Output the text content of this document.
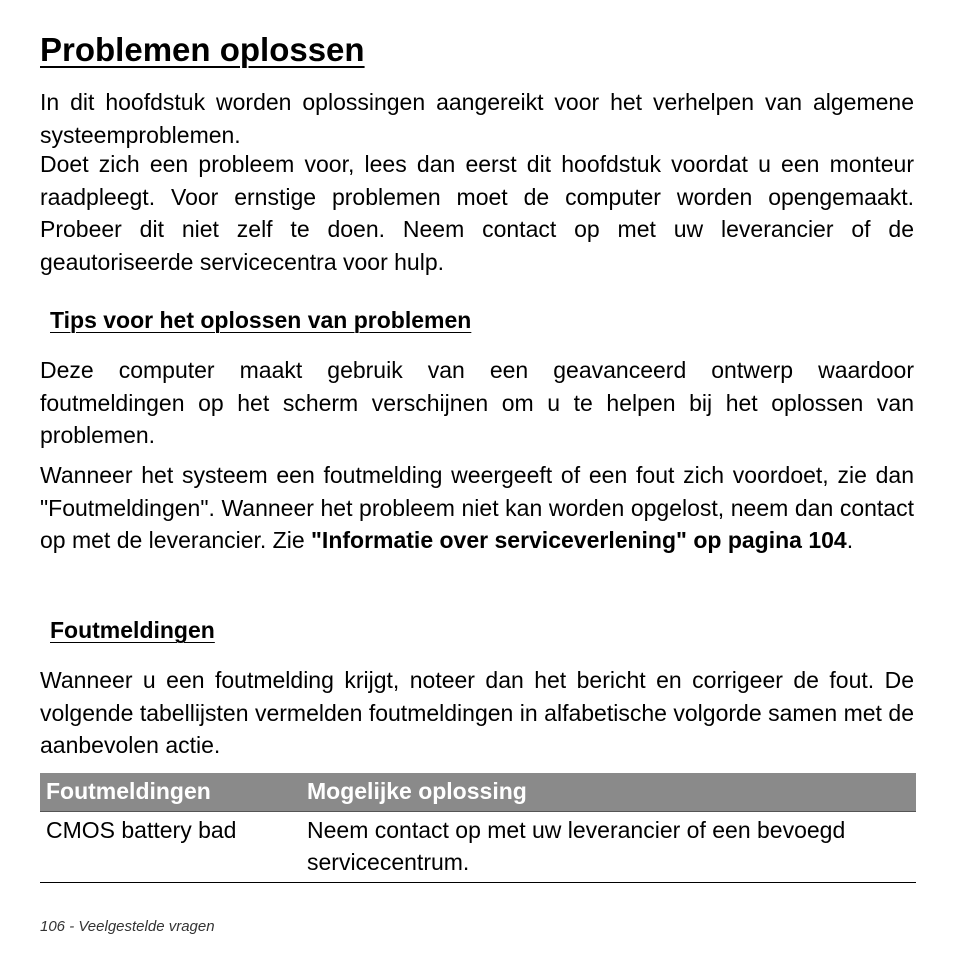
Problemen oplossen

In dit hoofdstuk worden oplossingen aangereikt voor het verhelpen van algemene systeemproblemen.

Doet zich een probleem voor, lees dan eerst dit hoofdstuk voordat u een monteur raadpleegt. Voor ernstige problemen moet de computer worden opengemaakt. Probeer dit niet zelf te doen. Neem contact op met uw leverancier of de geautoriseerde servicecentra voor hulp.

Tips voor het oplossen van problemen

Deze computer maakt gebruik van een geavanceerd ontwerp waardoor foutmeldingen op het scherm verschijnen om u te helpen bij het oplossen van problemen.

Wanneer het systeem een foutmelding weergeeft of een fout zich voordoet, zie dan "Foutmeldingen". Wanneer het probleem niet kan worden opgelost, neem dan contact op met de leverancier. Zie "Informatie over serviceverlening" op pagina 104.

Foutmeldingen

Wanneer u een foutmelding krijgt, noteer dan het bericht en corrigeer de fout. De volgende tabellijsten vermelden foutmeldingen in alfabetische volgorde samen met de aanbevolen actie.

Foutmeldingen	Mogelijke oplossing
CMOS battery bad	Neem contact op met uw leverancier of een bevoegd servicecentrum.
106 - Veelgestelde vragen
